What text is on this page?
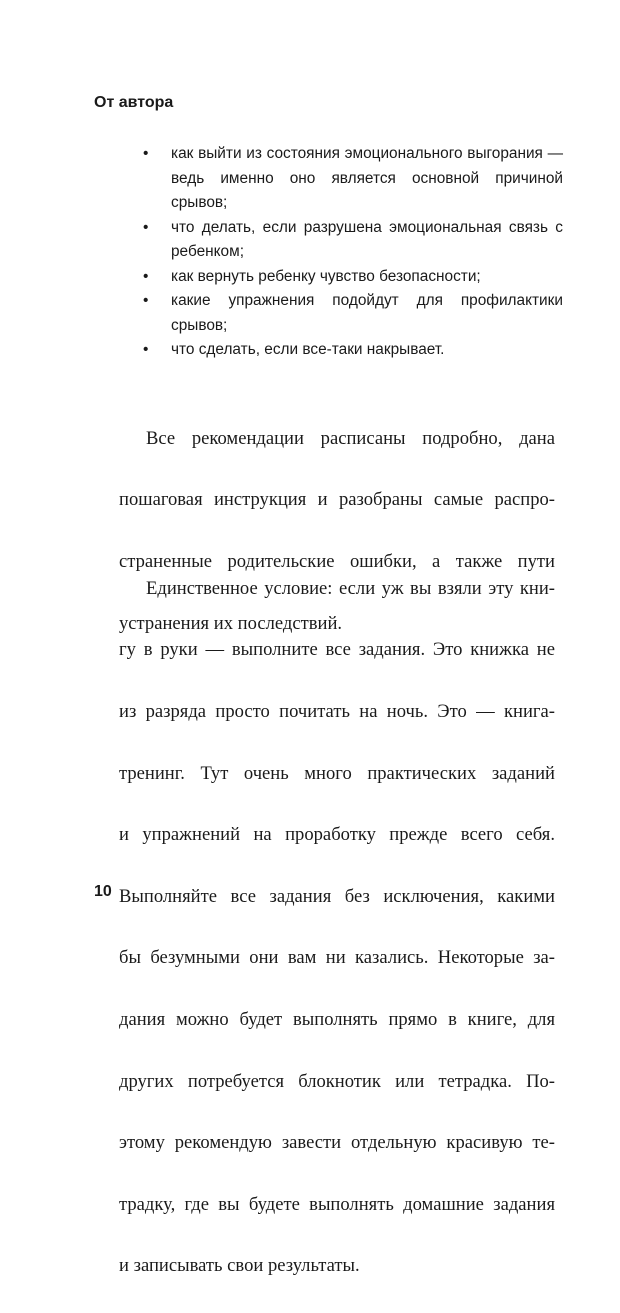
От автора

• как выйти из состояния эмоционального выгорания — ведь именно оно является основной причиной срывов;
• что делать, если разрушена эмоциональная связь с ребенком;
• как вернуть ребенку чувство безопасности;
• какие упражнения подойдут для профилактики срывов;
• что сделать, если все-таки накрывает.

Все рекомендации расписаны подробно, дана

пошаговая инструкция и разобраны самые распро-

страненные родительские ошибки, а также пути

устранения их последствий.

Единственное условие: если уж вы взяли эту кни-

гу в руки — выполните все задания. Это книжка не

из разряда просто почитать на ночь. Это — книга-

тренинг. Тут очень много практических заданий

и упражнений на проработку прежде всего себя.

Выполняйте все задания без исключения, какими

бы безумными они вам ни казались. Некоторые за-

дания можно будет выполнять прямо в книге, для

других потребуется блокнотик или тетрадка. По-

этому рекомендую завести отдельную красивую те-

традку, где вы будете выполнять домашние задания

и записывать свои результаты.

10
